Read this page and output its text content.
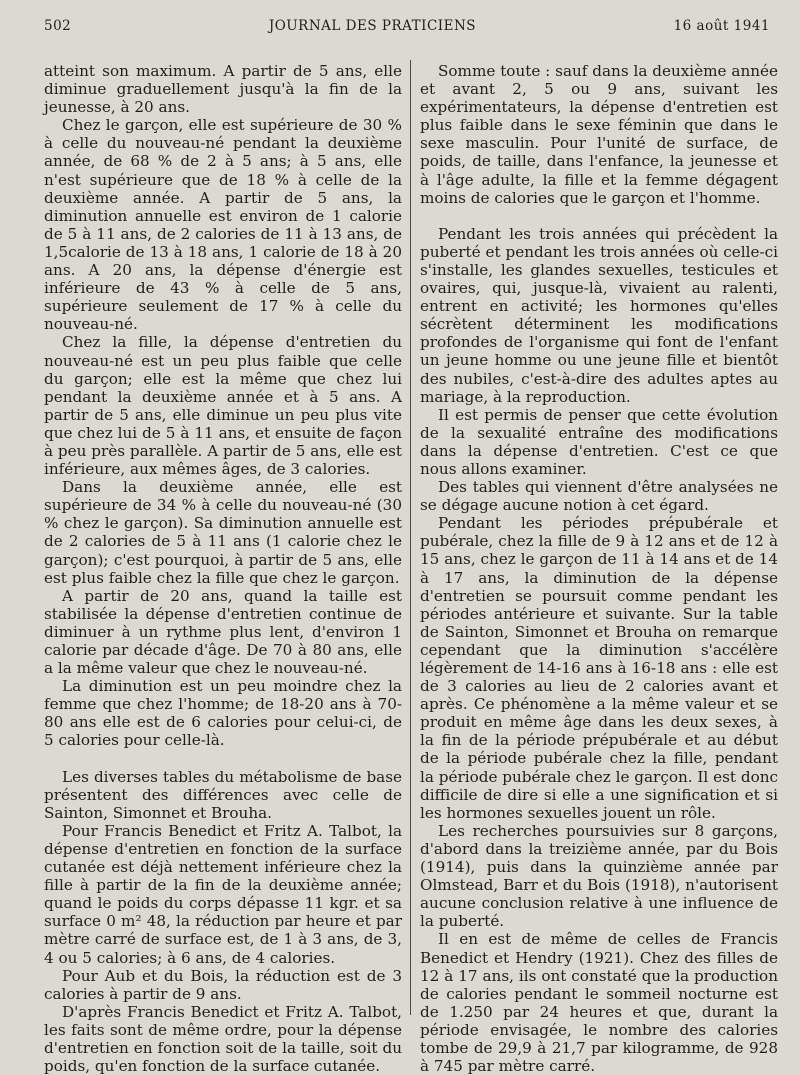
502	JOURNAL DES PRATICIENS	16 août 1941

atteint son maximum. A partir de 5 ans, elle diminue graduellement jusqu'à la fin de la jeunesse, à 20 ans.

Chez le garçon, elle est supérieure de 30 % à celle du nouveau-né pendant la deuxième année, de 68 % de 2 à 5 ans; à 5 ans, elle n'est supérieure que de 18 % à celle de la deuxième année. A partir de 5 ans, la diminution annuelle est environ de 1 calorie de 5 à 11 ans, de 2 calories de 11 à 13 ans, de 1,5calorie de 13 à 18 ans, 1 calorie de 18 à 20 ans. A 20 ans, la dépense d'énergie est inférieure de 43 % à celle de 5 ans, supérieure seulement de 17 % à celle du nouveau-né.

Chez la fille, la dépense d'entretien du nouveau-né est un peu plus faible que celle du garçon; elle est la même que chez lui pendant la deuxième année et à 5 ans. A partir de 5 ans, elle diminue un peu plus vite que chez lui de 5 à 11 ans, et ensuite de façon à peu près parallèle. A partir de 5 ans, elle est inférieure, aux mêmes âges, de 3 calories.

Dans la deuxième année, elle est supérieure de 34 % à celle du nouveau-né (30 % chez le garçon). Sa diminution annuelle est de 2 calories de 5 à 11 ans (1 calorie chez le garçon); c'est pourquoi, à partir de 5 ans, elle est plus faible chez la fille que chez le garçon.

A partir de 20 ans, quand la taille est stabilisée la dépense d'entretien continue de diminuer à un rythme plus lent, d'environ 1 calorie par décade d'âge. De 70 à 80 ans, elle a la même valeur que chez le nouveau-né.

La diminution est un peu moindre chez la femme que chez l'homme; de 18-20 ans à 70-80 ans elle est de 6 calories pour celui-ci, de 5 calories pour celle-là.

Les diverses tables du métabolisme de base présentent des différences avec celle de Sainton, Simonnet et Brouha.

Pour Francis Benedict et Fritz A. Talbot, la dépense d'entretien en fonction de la surface cutanée est déjà nettement inférieure chez la fille à partir de la fin de la deuxième année; quand le poids du corps dépasse 11 kgr. et sa surface 0 m² 48, la réduction par heure et par mètre carré de surface est, de 1 à 3 ans, de 3, 4 ou 5 calories; à 6 ans, de 4 calories.

Pour Aub et du Bois, la réduction est de 3 calories à partir de 9 ans.

D'après Francis Benedict et Fritz A. Talbot, les faits sont de même ordre, pour la dépense d'entretien en fonction soit de la taille, soit du poids, qu'en fonction de la surface cutanée.

Somme toute : sauf dans la deuxième année et avant 2, 5 ou 9 ans, suivant les expérimentateurs, la dépense d'entretien est plus faible dans le sexe féminin que dans le sexe masculin. Pour l'unité de surface, de poids, de taille, dans l'enfance, la jeunesse et à l'âge adulte, la fille et la femme dégagent moins de calories que le garçon et l'homme.

Pendant les trois années qui précèdent la puberté et pendant les trois années où celle-ci s'installe, les glandes sexuelles, testicules et ovaires, qui, jusque-là, vivaient au ralenti, entrent en activité; les hormones qu'elles sécrètent déterminent les modifications profondes de l'organisme qui font de l'enfant un jeune homme ou une jeune fille et bientôt des nubiles, c'est-à-dire des adultes aptes au mariage, à la reproduction.

Il est permis de penser que cette évolution de la sexualité entraîne des modifications dans la dépense d'entretien. C'est ce que nous allons examiner.

Des tables qui viennent d'être analysées ne se dégage aucune notion à cet égard.

Pendant les périodes prépubérale et pubérale, chez la fille de 9 à 12 ans et de 12 à 15 ans, chez le garçon de 11 à 14 ans et de 14 à 17 ans, la diminution de la dépense d'entretien se poursuit comme pendant les périodes antérieure et suivante. Sur la table de Sainton, Simonnet et Brouha on remarque cependant que la diminution s'accélère légèrement de 14-16 ans à 16-18 ans : elle est de 3 calories au lieu de 2 calories avant et après. Ce phénomène a la même valeur et se produit en même âge dans les deux sexes, à la fin de la période prépubérale et au début de la période pubérale chez la fille, pendant la période pubérale chez le garçon. Il est donc difficile de dire si elle a une signification et si les hormones sexuelles jouent un rôle.

Les recherches poursuivies sur 8 garçons, d'abord dans la treizième année, par du Bois (1914), puis dans la quinzième année par Olmstead, Barr et du Bois (1918), n'autorisent aucune conclusion relative à une influence de la puberté.

Il en est de même de celles de Francis Benedict et Hendry (1921). Chez des filles de 12 à 17 ans, ils ont constaté que la production de calories pendant le sommeil nocturne est de 1.250 par 24 heures et que, durant la période envisagée, le nombre des calories tombe de 29,9 à 21,7 par kilogramme, de 928 à 745 par mètre carré.
